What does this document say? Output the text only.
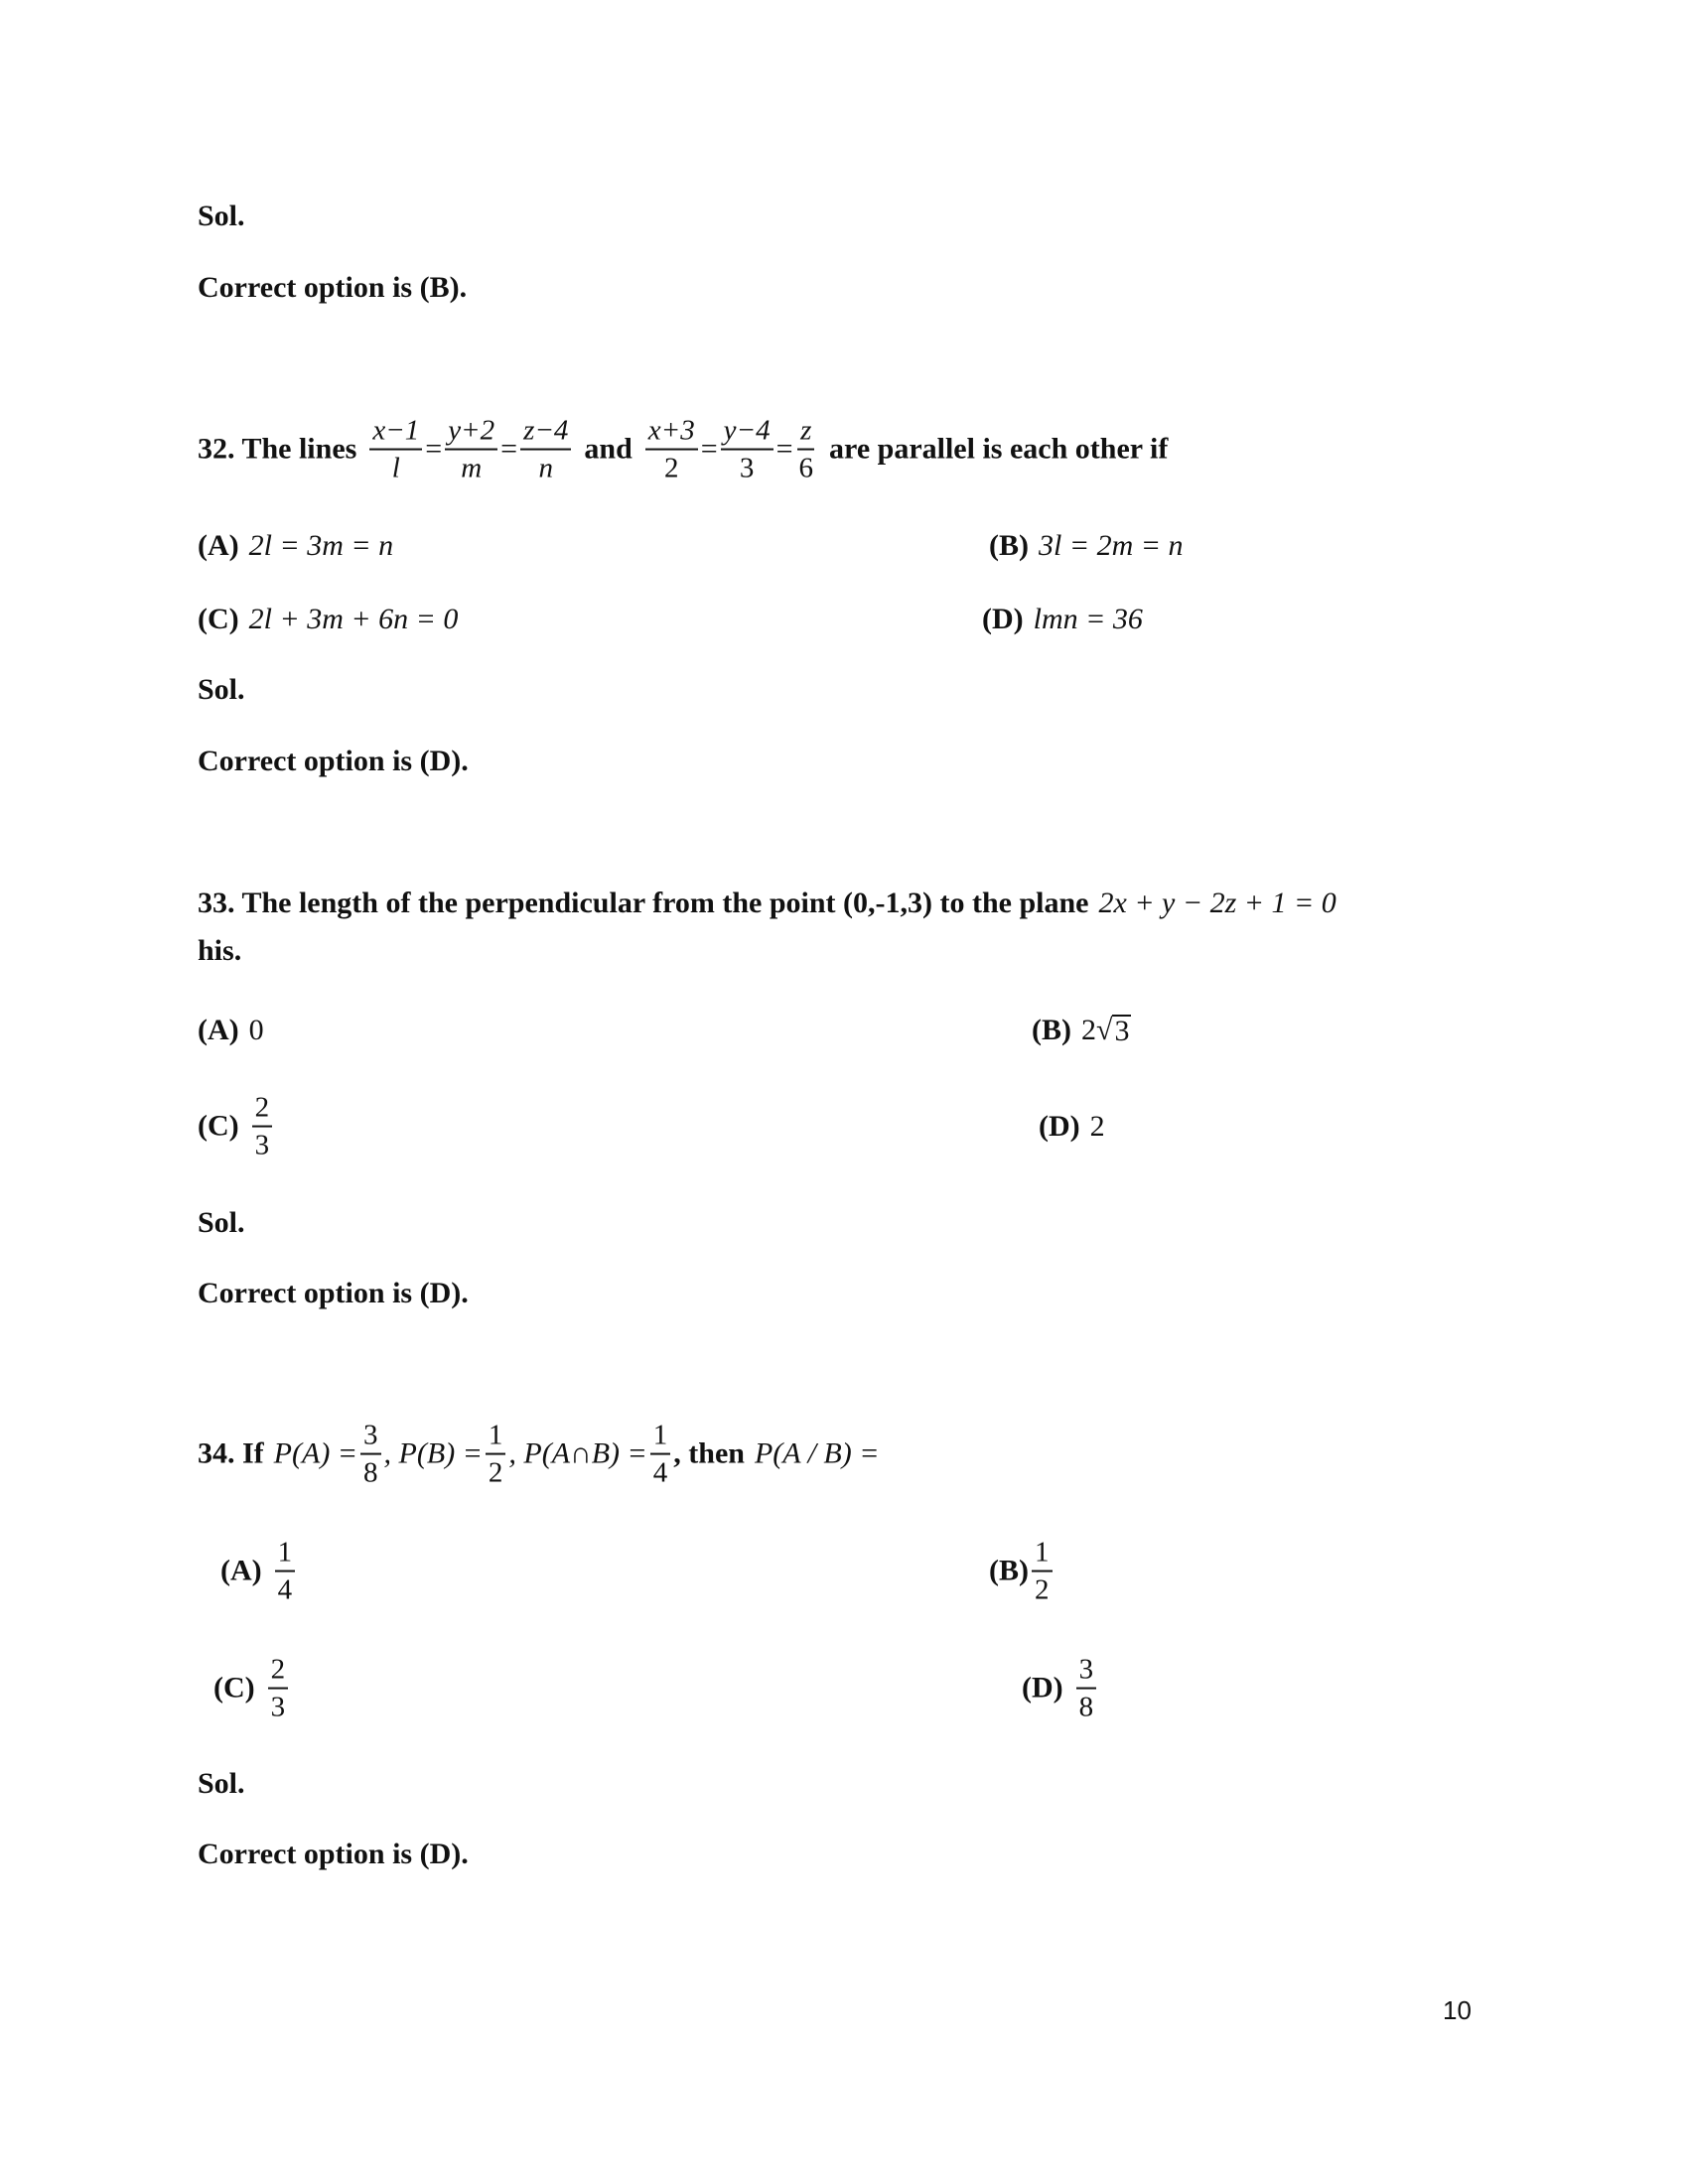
Sol.
Correct option is (B).
32. The lines $\frac{x-1}{l} = \frac{y+2}{m} = \frac{z-4}{n}$ and $\frac{x+3}{2} = \frac{y-4}{3} = \frac{z}{6}$ are parallel is each other if
(A) 2l = 3m = n	(B) 3l = 2m = n
(C) 2l + 3m + 6n = 0	(D) lmn = 36
Sol.
Correct option is (D).
33. The length of the perpendicular from the point (0,-1,3) to the plane 2x + y − 2z + 1 = 0
his.
(A) 0	(B) 2 √ 3
$(C) \frac{2}{3}$	(D) 2
Sol.
Correct option is (D).
34. If $P(A) = \frac{3}{8}$ , $P(B) = \frac{1}{2}$ , P(A∩B) = $\frac{1}{4}$ , then P(A / B) =
$(A) \frac{1}{4}$	$(B) \frac{1}{2}$
$(C) \frac{2}{3}$	$(D) \frac{3}{8}$
Sol.
Correct option is (D).
10
